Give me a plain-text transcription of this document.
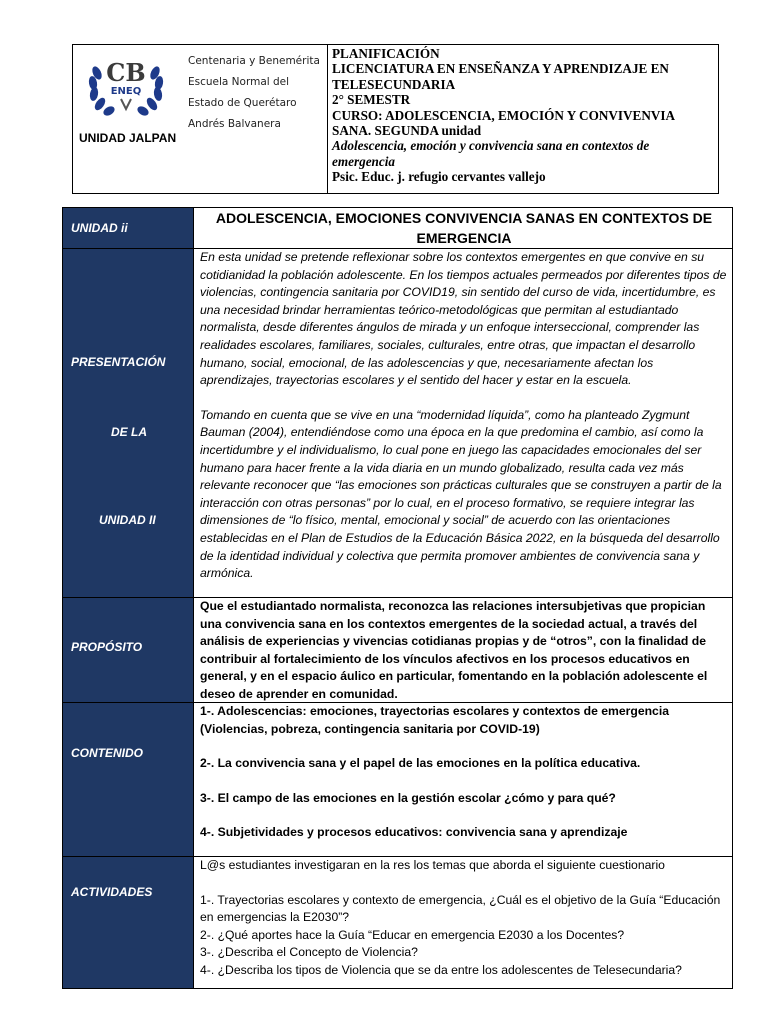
CB
ENEQ
Centenaria y Benemérita
Escuela Normal del
Estado de Querétaro
Andrés Balvanera
UNIDAD JALPAN
PLANIFICACIÓN
LICENCIATURA EN ENSEÑANZA Y APRENDIZAJE EN TELESECUNDARIA
2° SEMESTR
CURSO: ADOLESCENCIA, EMOCIÓN Y CONVIVENVIA SANA. SEGUNDA unidad
Adolescencia, emoción y convivencia sana en contextos de emergencia
Psic. Educ. j. refugio cervantes vallejo
UNIDAD ii
ADOLESCENCIA, EMOCIONES CONVIVENCIA SANAS EN CONTEXTOS DE EMERGENCIA
PRESENTACIÓN
DE LA
UNIDAD II

En esta unidad se pretende reflexionar sobre los contextos emergentes en que convive en su cotidianidad la población adolescente. En los tiempos actuales permeados por diferentes tipos de violencias, contingencia sanitaria por COVID19, sin sentido del curso de vida, incertidumbre, es una necesidad brindar herramientas teórico-metodológicas que permitan al estudiantado normalista, desde diferentes ángulos de mirada y un enfoque interseccional, comprender las realidades escolares, familiares, sociales, culturales, entre otras, que impactan el desarrollo humano, social, emocional, de las adolescencias y que, necesariamente afectan los aprendizajes, trayectorias escolares y el sentido del hacer y estar en la escuela.

Tomando en cuenta que se vive en una “modernidad líquida”, como ha planteado Zygmunt Bauman (2004), entendiéndose como una época en la que predomina el cambio, así como la incertidumbre y el individualismo, lo cual pone en juego las capacidades emocionales del ser humano para hacer frente a la vida diaria en un mundo globalizado, resulta cada vez más relevante reconocer que “las emociones son prácticas culturales que se construyen a partir de la interacción con otras personas” por lo cual, en el proceso formativo, se requiere integrar las dimensiones de “lo físico, mental, emocional y social” de acuerdo con las orientaciones establecidas en el Plan de Estudios de la Educación Básica 2022, en la búsqueda del desarrollo de la identidad individual y colectiva que permita promover ambientes de convivencia sana y armónica.

PROPÓSITO
Que el estudiantado normalista, reconozca las relaciones intersubjetivas que propician una convivencia sana en los contextos emergentes de la sociedad actual, a través del análisis de experiencias y vivencias cotidianas propias y de “otros”, con la finalidad de contribuir al fortalecimiento de los vínculos afectivos en los procesos educativos en general, y en el espacio áulico en particular, fomentando en la población adolescente el deseo de aprender en comunidad.
CONTENIDO

1-. Adolescencias: emociones, trayectorias escolares y contextos de emergencia (Violencias, pobreza, contingencia sanitaria por COVID-19)

2-. La convivencia sana y el papel de las emociones en la política educativa.

3-. El campo de las emociones en la gestión escolar ¿cómo y para qué?

4-. Subjetividades y procesos educativos: convivencia sana y aprendizaje

ACTIVIDADES

L@s estudiantes investigaran en la res los temas que aborda el siguiente cuestionario

1-. Trayectorias escolares y contexto de emergencia, ¿Cuál es el objetivo de la Guía “Educación en emergencias la E2030”?

2-. ¿Qué aportes hace la Guía “Educar en emergencia E2030 a los Docentes?

3-. ¿Describa el Concepto de Violencia?

4-. ¿Describa los tipos de Violencia que se da entre los adolescentes de Telesecundaria?
